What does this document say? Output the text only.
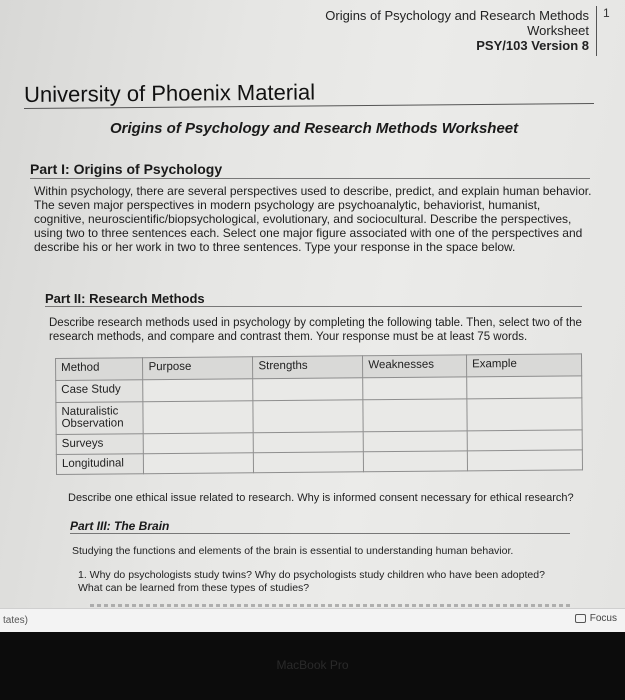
Origins of Psychology and Research Methods
Worksheet
PSY/103 Version 8
1
University of Phoenix Material
Origins of Psychology and Research Methods Worksheet
Part I: Origins of Psychology
Within psychology, there are several perspectives used to describe, predict, and explain human behavior. The seven major perspectives in modern psychology are psychoanalytic, behaviorist, humanist, cognitive, neuroscientific/biopsychological, evolutionary, and sociocultural. Describe the perspectives, using two to three sentences each. Select one major figure associated with one of the perspectives and describe his or her work in two to three sentences. Type your response in the space below.
Part II: Research Methods
Describe research methods used in psychology by completing the following table. Then, select two of the research methods, and compare and contrast them. Your response must be at least 75 words.
Method	Purpose	Strengths	Weaknesses	Example
Case Study				
Naturalistic Observation				
Surveys				
Longitudinal				
Describe one ethical issue related to research. Why is informed consent necessary for ethical research?
Part III: The Brain
Studying the functions and elements of the brain is essential to understanding human behavior.
1. Why do psychologists study twins? Why do psychologists study children who have been adopted? What can be learned from these types of studies?
tates)	Focus
MacBook Pro
